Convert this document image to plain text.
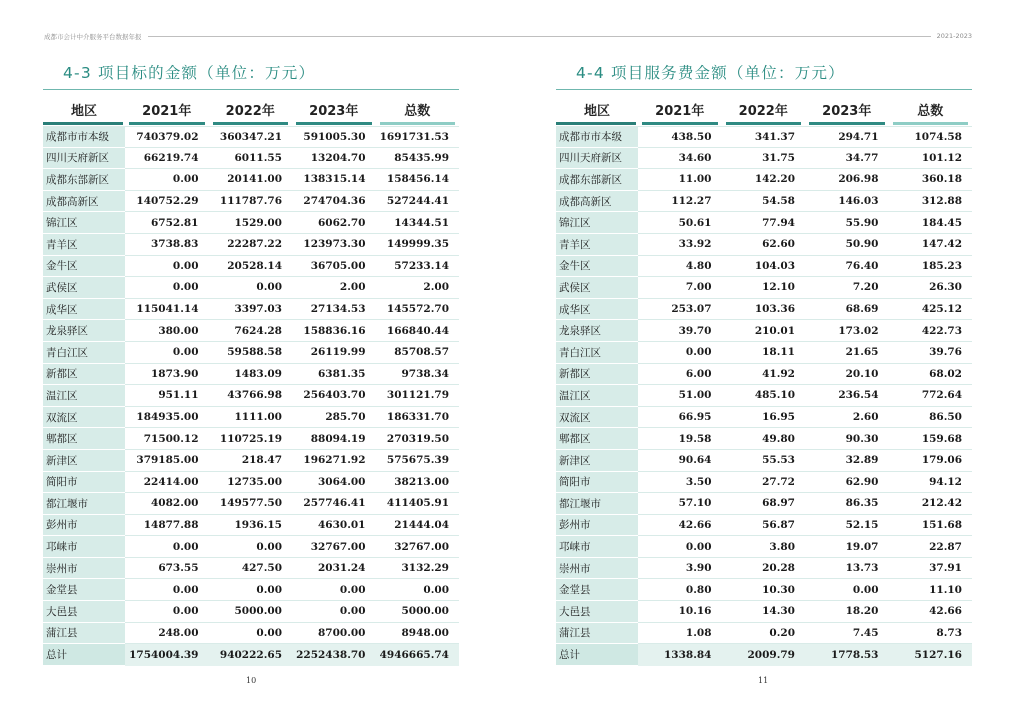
成都市会计中介服务平台数据年报	2021-2023
4-3 项目标的金额（单位：万元）
地区	2021年	2022年	2023年	总数

成都市市本级	740379.02	360347.21	591005.30	1691731.53
四川天府新区	66219.74	6011.55	13204.70	85435.99
成都东部新区	0.00	20141.00	138315.14	158456.14
成都高新区	140752.29	111787.76	274704.36	527244.41
锦江区	6752.81	1529.00	6062.70	14344.51
青羊区	3738.83	22287.22	123973.30	149999.35
金牛区	0.00	20528.14	36705.00	57233.14
武侯区	0.00	0.00	2.00	2.00
成华区	115041.14	3397.03	27134.53	145572.70
龙泉驿区	380.00	7624.28	158836.16	166840.44
青白江区	0.00	59588.58	26119.99	85708.57
新都区	1873.90	1483.09	6381.35	9738.34
温江区	951.11	43766.98	256403.70	301121.79
双流区	184935.00	1111.00	285.70	186331.70
郫都区	71500.12	110725.19	88094.19	270319.50
新津区	379185.00	218.47	196271.92	575675.39
简阳市	22414.00	12735.00	3064.00	38213.00
都江堰市	4082.00	149577.50	257746.41	411405.91
彭州市	14877.88	1936.15	4630.01	21444.04
邛崃市	0.00	0.00	32767.00	32767.00
崇州市	673.55	427.50	2031.24	3132.29
金堂县	0.00	0.00	0.00	0.00
大邑县	0.00	5000.00	0.00	5000.00
蒲江县	248.00	0.00	8700.00	8948.00
总计	1754004.39	940222.65	2252438.70	4946665.74
4-4 项目服务费金额（单位：万元）
地区	2021年	2022年	2023年	总数

成都市市本级	438.50	341.37	294.71	1074.58
四川天府新区	34.60	31.75	34.77	101.12
成都东部新区	11.00	142.20	206.98	360.18
成都高新区	112.27	54.58	146.03	312.88
锦江区	50.61	77.94	55.90	184.45
青羊区	33.92	62.60	50.90	147.42
金牛区	4.80	104.03	76.40	185.23
武侯区	7.00	12.10	7.20	26.30
成华区	253.07	103.36	68.69	425.12
龙泉驿区	39.70	210.01	173.02	422.73
青白江区	0.00	18.11	21.65	39.76
新都区	6.00	41.92	20.10	68.02
温江区	51.00	485.10	236.54	772.64
双流区	66.95	16.95	2.60	86.50
郫都区	19.58	49.80	90.30	159.68
新津区	90.64	55.53	32.89	179.06
简阳市	3.50	27.72	62.90	94.12
都江堰市	57.10	68.97	86.35	212.42
彭州市	42.66	56.87	52.15	151.68
邛崃市	0.00	3.80	19.07	22.87
崇州市	3.90	20.28	13.73	37.91
金堂县	0.80	10.30	0.00	11.10
大邑县	10.16	14.30	18.20	42.66
蒲江县	1.08	0.20	7.45	8.73
总计	1338.84	2009.79	1778.53	5127.16
10	11
